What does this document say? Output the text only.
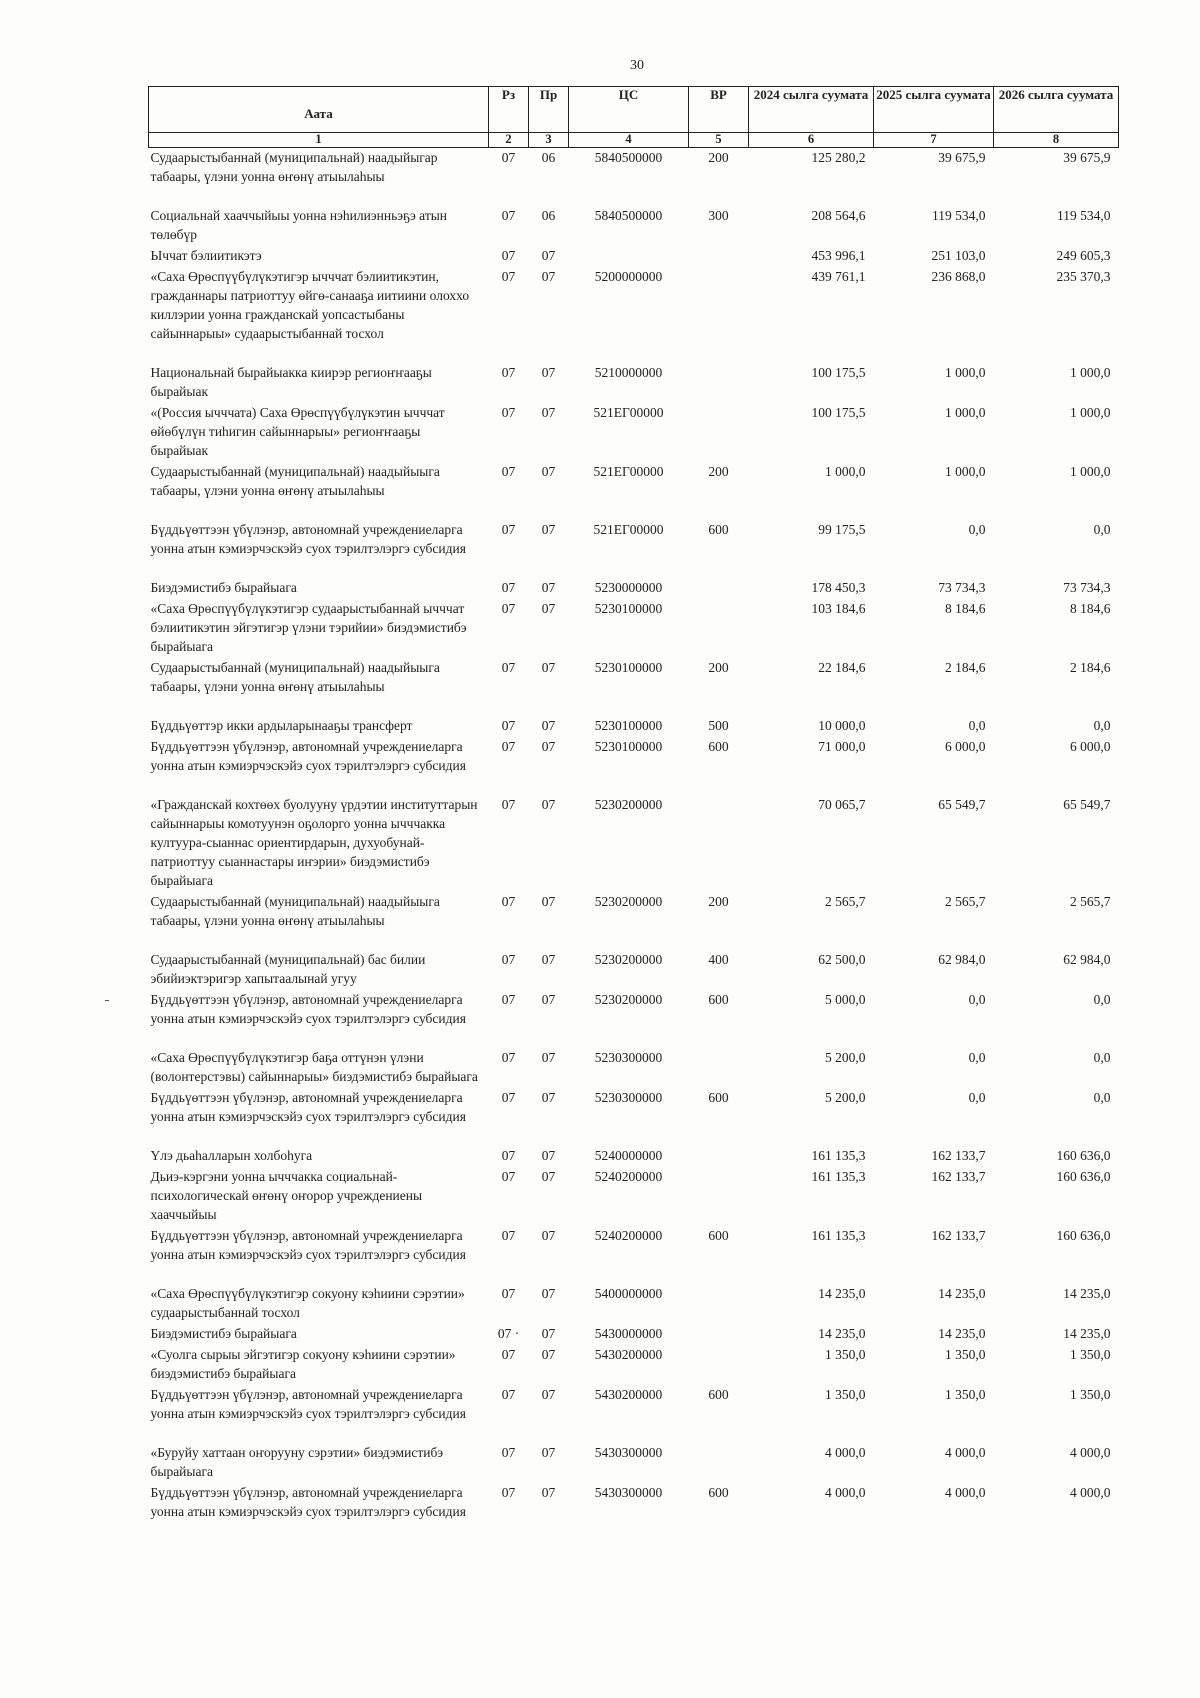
30
Аата	Рз	Пр	ЦС	ВР	2024 сылга суумата	2025 сылга суумата	2026 сылга суумата
1	2	3	4	5	6	7	8
Судаарыстыбаннай (муниципальнай) наадыйыгар табаары, үлэни уонна өҥөнү атыылаһыы	07	06	5840500000	200	125 280,2	39 675,9	39 675,9

Социальнай хааччыйыы уонна нэһилиэнньэҕэ атын төлөбүр	07	06	5840500000	300	208 564,6	119 534,0	119 534,0
Ыччат бэлиитикэтэ	07	07			453 996,1	251 103,0	249 605,3
«Саха Өрөспүүбүлүкэтигэр ычччат бэлиитикэтин, гражданнары патриоттуу өйгө-санааҕа иитиини олоххо киллэрии уонна гражданскай уопсастыбаны сайыннарыы» судаарыстыбаннай тосхол	07	07	5200000000		439 761,1	236 868,0	235 370,3

Национальнай бырайыакка киирэр региоҥҥааҕы бырайыак	07	07	5210000000		100 175,5	1 000,0	1 000,0
«(Россия ычччата) Саха Өрөспүүбүлүкэтин ычччат өйөбүлүн тиһигин сайыннарыы» региоҥҥааҕы бырайыак	07	07	521ЕГ00000		100 175,5	1 000,0	1 000,0
Судаарыстыбаннай (муниципальнай) наадыйыыга табаары, үлэни уонна өҥөнү атыылаһыы	07	07	521ЕГ00000	200	1 000,0	1 000,0	1 000,0

Бүддьүөттээн үбүлэнэр, автономнай учреждениеларга уонна атын кэмиэрчэскэйэ суох тэрилтэлэргэ субсидия	07	07	521ЕГ00000	600	99 175,5	0,0	0,0

Биэдэмистибэ бырайыага	07	07	5230000000		178 450,3	73 734,3	73 734,3
«Саха Өрөспүүбүлүкэтигэр судаарыстыбаннай ычччат бэлиитикэтин эйгэтигэр үлэни тэрийии» биэдэмистибэ бырайыага	07	07	5230100000		103 184,6	8 184,6	8 184,6
Судаарыстыбаннай (муниципальнай) наадыйыыга табаары, үлэни уонна өҥөнү атыылаһыы	07	07	5230100000	200	22 184,6	2 184,6	2 184,6

Бүддьүөттэр икки ардыларынааҕы трансферт	07	07	5230100000	500	10 000,0	0,0	0,0
Бүддьүөттээн үбүлэнэр, автономнай учреждениеларга уонна атын кэмиэрчэскэйэ суох тэрилтэлэргэ субсидия	07	07	5230100000	600	71 000,0	6 000,0	6 000,0

«Гражданскай кохтөөх буолууну үрдэтии институттарын сайыннарыы комотуунэн оҕолорго уонна ычччакка култуура-сыаннас ориентирдарын, духуобунай-патриоттуу сыаннастары иҥэрии» биэдэмистибэ бырайыага	07	07	5230200000		70 065,7	65 549,7	65 549,7
Судаарыстыбаннай (муниципальнай) наадыйыыга табаары, үлэни уонна өҥөнү атыылаһыы	07	07	5230200000	200	2 565,7	2 565,7	2 565,7

Судаарыстыбаннай (муниципальнай) бас билии эбийиэктэригэр хапытаалынай угуу	07	07	5230200000	400	62 500,0	62 984,0	62 984,0
Бүддьүөттээн үбүлэнэр, автономнай учреждениеларга уонна атын кэмиэрчэскэйэ суох тэрилтэлэргэ субсидия	07	07	5230200000	600	5 000,0	0,0	0,0

«Саха Өрөспүүбүлүкэтигэр баҕа оттүнэн үлэни (волонтерстэвы) сайыннарыы» биэдэмистибэ бырайыага	07	07	5230300000		5 200,0	0,0	0,0
Бүддьүөттээн үбүлэнэр, автономнай учреждениеларга уонна атын кэмиэрчэскэйэ суох тэрилтэлэргэ субсидия	07	07	5230300000	600	5 200,0	0,0	0,0

Үлэ дьаһалларын холбоһуга	07	07	5240000000		161 135,3	162 133,7	160 636,0
Дьиэ-кэргэни уонна ычччакка социальнай-психологическай өҥөнү оҥорор учреждениены хааччыйыы	07	07	5240200000		161 135,3	162 133,7	160 636,0
Бүддьүөттээн үбүлэнэр, автономнай учреждениеларга уонна атын кэмиэрчэскэйэ суох тэрилтэлэргэ субсидия	07	07	5240200000	600	161 135,3	162 133,7	160 636,0

«Саха Өрөспүүбүлүкэтигэр сокуону кэһиини сэрэтии» судаарыстыбаннай тосхол	07	07	5400000000		14 235,0	14 235,0	14 235,0
Биэдэмистибэ бырайыага	07 ·	07	5430000000		14 235,0	14 235,0	14 235,0
«Суолга сырыы эйгэтигэр сокуону кэһиини сэрэтии» биэдэмистибэ бырайыага	07	07	5430200000		1 350,0	1 350,0	1 350,0
Бүддьүөттээн үбүлэнэр, автономнай учреждениеларга уонна атын кэмиэрчэскэйэ суох тэрилтэлэргэ субсидия	07	07	5430200000	600	1 350,0	1 350,0	1 350,0

«Буруйу хаттаан оҥорууну сэрэтии» биэдэмистибэ бырайыага	07	07	5430300000		4 000,0	4 000,0	4 000,0
Бүддьүөттээн үбүлэнэр, автономнай учреждениеларга уонна атын кэмиэрчэскэйэ суох тэрилтэлэргэ субсидия	07	07	5430300000	600	4 000,0	4 000,0	4 000,0
